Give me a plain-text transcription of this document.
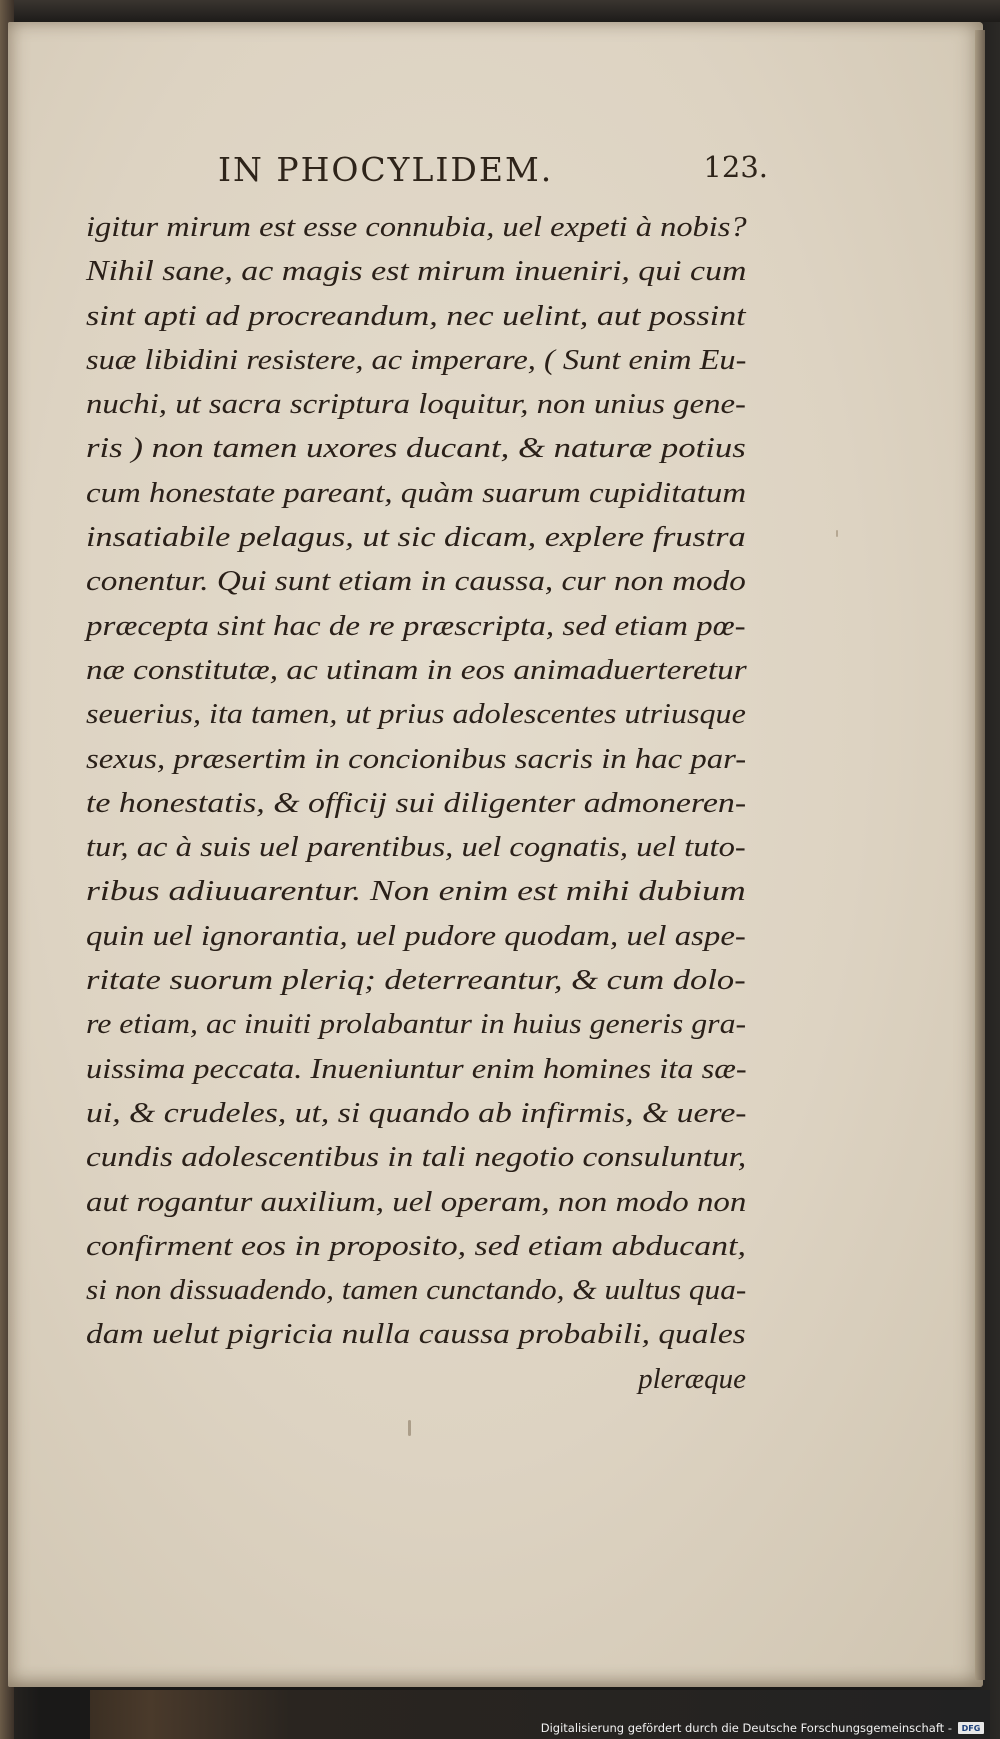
IN PHOCYLIDEM.	123.
igitur mirum est esse connubia, uel expeti à nobis?
Nihil sane, ac magis est mirum inueniri, qui cum
sint apti ad procreandum, nec uelint, aut possint
suæ libidini resistere, ac imperare, ( Sunt enim Eu-
nuchi, ut sacra scriptura loquitur, non unius gene-
ris ) non tamen uxores ducant, & naturæ potius
cum honestate pareant, quàm suarum cupiditatum
insatiabile pelagus, ut sic dicam, explere frustra
conentur. Qui sunt etiam in caussa, cur non modo
præcepta sint hac de re præscripta, sed etiam pœ-
næ constitutæ, ac utinam in eos animaduerteretur
seuerius, ita tamen, ut prius adolescentes utriusque
sexus, præsertim in concionibus sacris in hac par-
te honestatis, & officij sui diligenter admoneren-
tur, ac à suis uel parentibus, uel cognatis, uel tuto-
ribus adiuuarentur. Non enim est mihi dubium
quin uel ignorantia, uel pudore quodam, uel aspe-
ritate suorum pleriq; deterreantur, & cum dolo-
re etiam, ac inuiti prolabantur in huius generis gra-
uissima peccata. Inueniuntur enim homines ita sæ-
ui, & crudeles, ut, si quando ab infirmis, & uere-
cundis adolescentibus in tali negotio consuluntur,
aut rogantur auxilium, uel operam, non modo non
confirment eos in proposito, sed etiam abducant,
si non dissuadendo, tamen cunctando, & uultus qua-
dam uelut pigricia nulla caussa probabili, quales
pleræque
Digitalisierung gefördert durch die Deutsche Forschungsgemeinschaft -	DFG
